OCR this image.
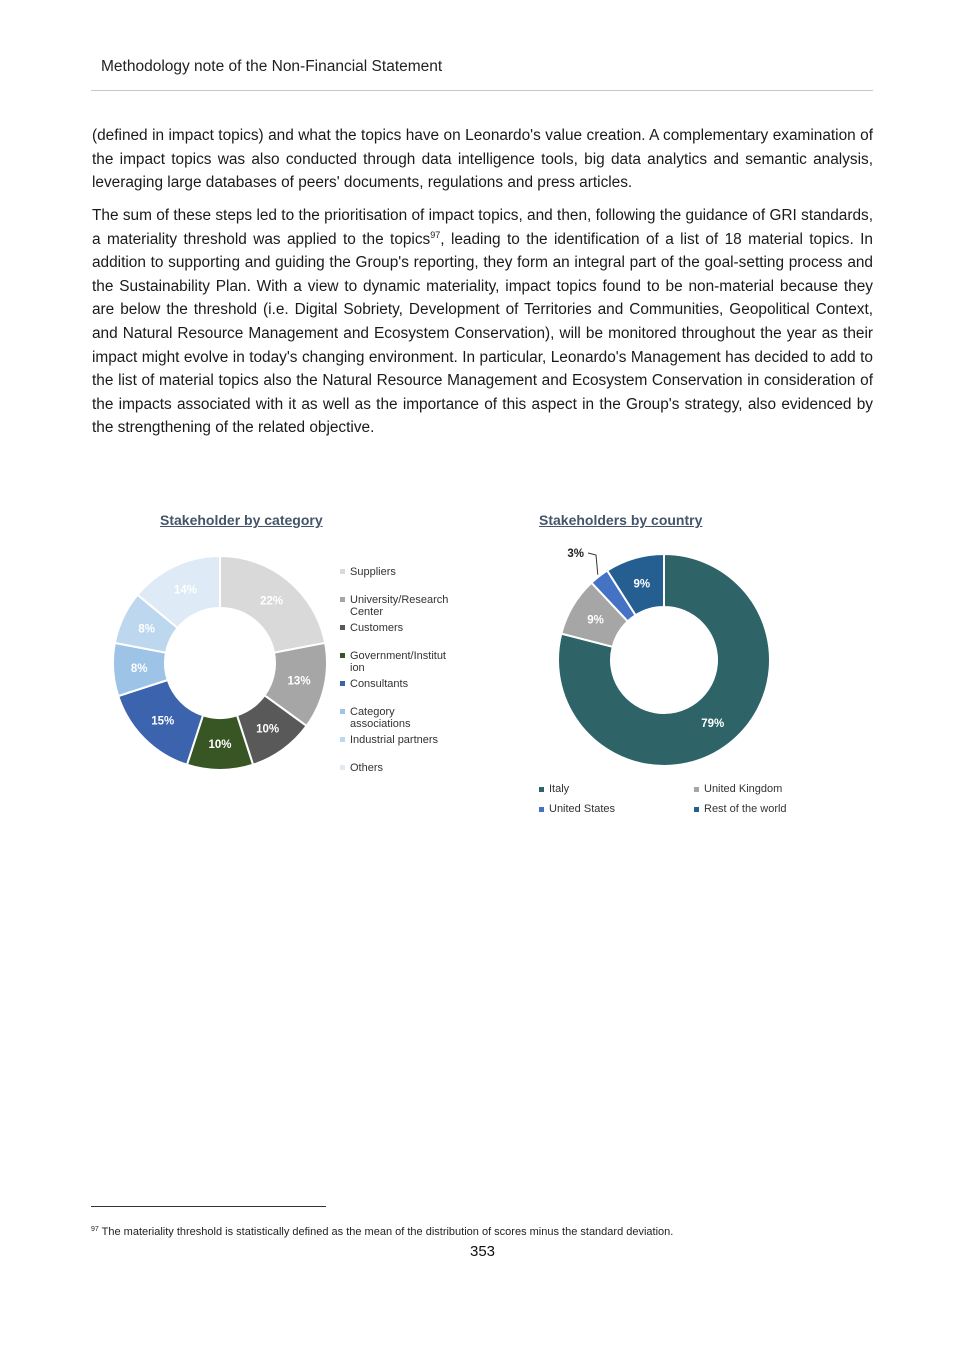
Methodology note of the Non-Financial Statement

(defined in impact topics) and what the topics have on Leonardo's value creation. A complementary examination of the impact topics was also conducted through data intelligence tools, big data analytics and semantic analysis, leveraging large databases of peers' documents, regulations and press articles.

The sum of these steps led to the prioritisation of impact topics, and then, following the guidance of GRI standards, a materiality threshold was applied to the topics$^{97}$, leading to the identification of a list of 18 material topics. In addition to supporting and guiding the Group's reporting, they form an integral part of the goal-setting process and the Sustainability Plan. With a view to dynamic materiality, impact topics found to be non-material because they are below the threshold (i.e. Digital Sobriety, Development of Territories and Communities, Geopolitical Context, and Natural Resource Management and Ecosystem Conservation), will be monitored throughout the year as their impact might evolve in today's changing environment. In particular, Leonardo's Management has decided to add to the list of material topics also the Natural Resource Management and Ecosystem Conservation in consideration of the impacts associated with it as well as the importance of this aspect in the Group's strategy, also evidenced by the strengthening of the related objective.

Stakeholder by category
22%
13%
10%
10%
15%
8%
8%
14%
Suppliers
University/Research
Center
Customers
Government/Institut
ion
Consultants
Category
associations
Industrial partners
Others
Stakeholders by country
79%
9%
3%
9%
Italy	United Kingdom
United States	Rest of the world
$^{97}$ The materiality threshold is statistically defined as the mean of the distribution of scores minus the standard deviation.
353
